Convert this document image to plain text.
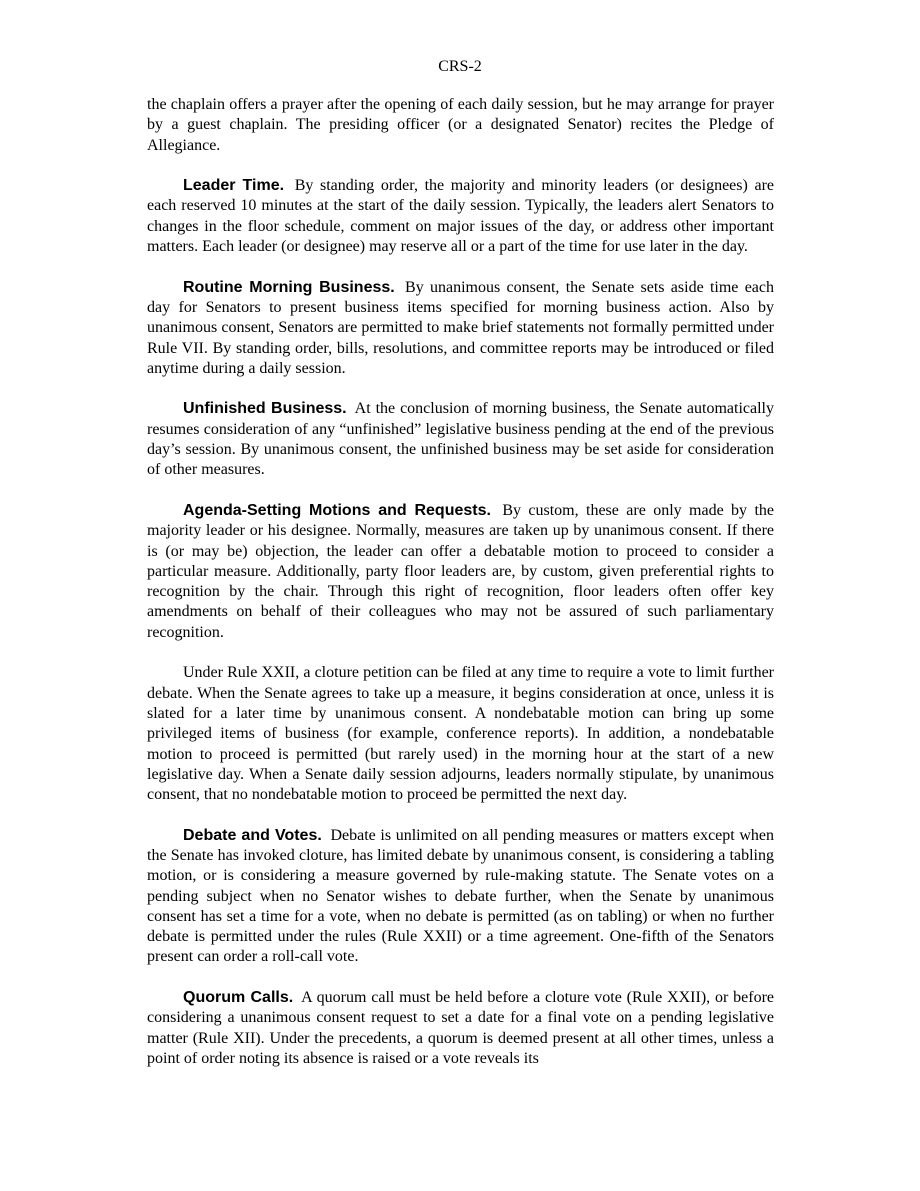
CRS-2

the chaplain offers a prayer after the opening of each daily session, but he may arrange for prayer by a guest chaplain. The presiding officer (or a designated Senator) recites the Pledge of Allegiance.

Leader Time. By standing order, the majority and minority leaders (or designees) are each reserved 10 minutes at the start of the daily session. Typically, the leaders alert Senators to changes in the floor schedule, comment on major issues of the day, or address other important matters. Each leader (or designee) may reserve all or a part of the time for use later in the day.

Routine Morning Business. By unanimous consent, the Senate sets aside time each day for Senators to present business items specified for morning business action. Also by unanimous consent, Senators are permitted to make brief statements not formally permitted under Rule VII. By standing order, bills, resolutions, and committee reports may be introduced or filed anytime during a daily session.

Unfinished Business. At the conclusion of morning business, the Senate automatically resumes consideration of any “unfinished” legislative business pending at the end of the previous day’s session. By unanimous consent, the unfinished business may be set aside for consideration of other measures.

Agenda-Setting Motions and Requests. By custom, these are only made by the majority leader or his designee. Normally, measures are taken up by unanimous consent. If there is (or may be) objection, the leader can offer a debatable motion to proceed to consider a particular measure. Additionally, party floor leaders are, by custom, given preferential rights to recognition by the chair. Through this right of recognition, floor leaders often offer key amendments on behalf of their colleagues who may not be assured of such parliamentary recognition.

Under Rule XXII, a cloture petition can be filed at any time to require a vote to limit further debate. When the Senate agrees to take up a measure, it begins consideration at once, unless it is slated for a later time by unanimous consent. A nondebatable motion can bring up some privileged items of business (for example, conference reports). In addition, a nondebatable motion to proceed is permitted (but rarely used) in the morning hour at the start of a new legislative day. When a Senate daily session adjourns, leaders normally stipulate, by unanimous consent, that no nondebatable motion to proceed be permitted the next day.

Debate and Votes. Debate is unlimited on all pending measures or matters except when the Senate has invoked cloture, has limited debate by unanimous consent, is considering a tabling motion, or is considering a measure governed by rule-making statute. The Senate votes on a pending subject when no Senator wishes to debate further, when the Senate by unanimous consent has set a time for a vote, when no debate is permitted (as on tabling) or when no further debate is permitted under the rules (Rule XXII) or a time agreement. One-fifth of the Senators present can order a roll-call vote.

Quorum Calls. A quorum call must be held before a cloture vote (Rule XXII), or before considering a unanimous consent request to set a date for a final vote on a pending legislative matter (Rule XII). Under the precedents, a quorum is deemed present at all other times, unless a point of order noting its absence is raised or a vote reveals its
